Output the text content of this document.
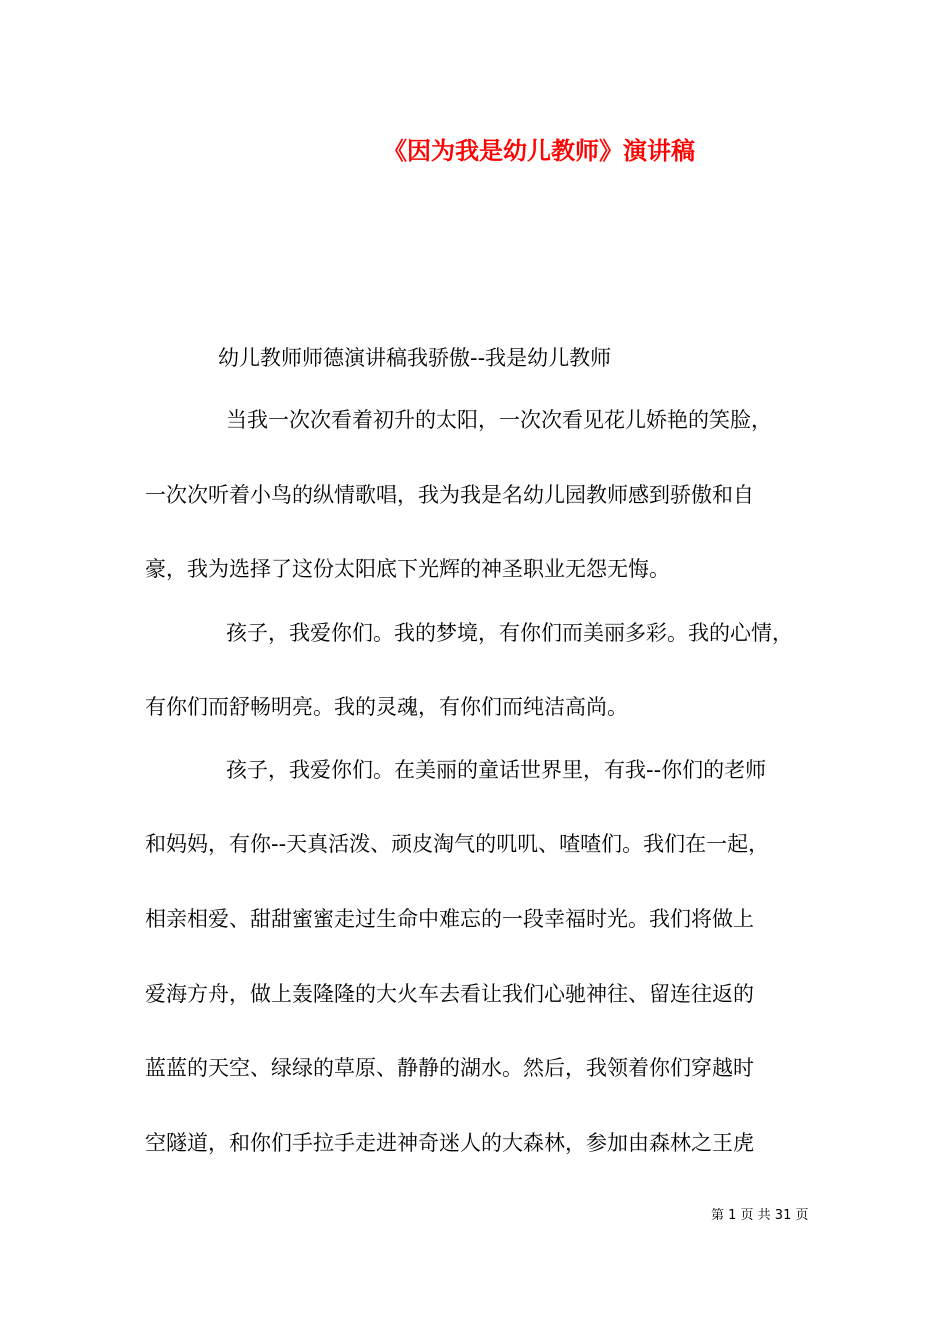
《因为我是幼儿教师》演讲稿
幼儿教师师德演讲稿我骄傲--我是幼儿教师
当我一次次看着初升的太阳，一次次看见花儿娇艳的笑脸，
一次次听着小鸟的纵情歌唱，我为我是名幼儿园教师感到骄傲和自
豪，我为选择了这份太阳底下光辉的神圣职业无怨无悔。
孩子，我爱你们。我的梦境，有你们而美丽多彩。我的心情，
有你们而舒畅明亮。我的灵魂，有你们而纯洁高尚。
孩子，我爱你们。在美丽的童话世界里，有我--你们的老师
和妈妈，有你--天真活泼、顽皮淘气的叽叽、喳喳们。我们在一起，
相亲相爱、甜甜蜜蜜走过生命中难忘的一段幸福时光。我们将做上
爱海方舟，做上轰隆隆的大火车去看让我们心驰神往、留连往返的
蓝蓝的天空、绿绿的草原、静静的湖水。然后，我领着你们穿越时
空隧道，和你们手拉手走进神奇迷人的大森林，参加由森林之王虎
第 1 页 共 31 页
